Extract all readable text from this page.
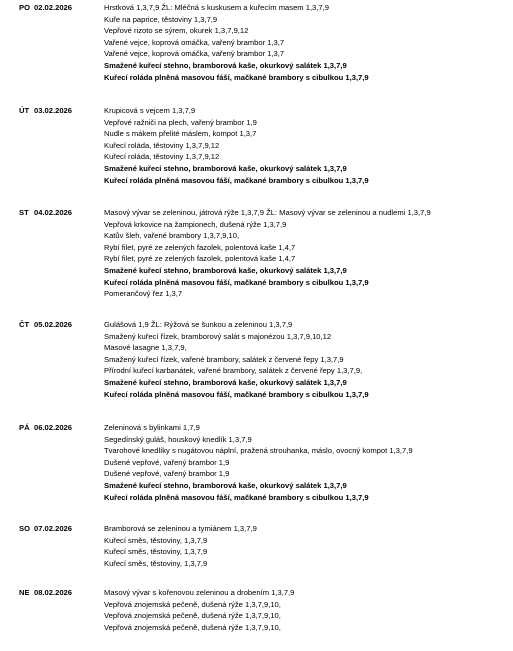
PO 02.02.2026	Hrstková 1,3,7,9 ŽL: Mléčná s kuskusem a kuřecím masem 1,3,7,9
Kuře na paprice, těstoviny 1,3,7,9
Vepřové rizoto se sýrem, okurek 1,3,7,9,12
Vařené vejce, koprová omáčka, vařený brambor 1,3,7
Vařené vejce, koprová omáčka, vařený brambor 1,3,7
Smažené kuřecí stehno, bramborová kaše, okurkový salátek 1,3,7,9
Kuřecí roláda plněná masovou fáší, mačkané brambory s cibulkou 1,3,7,9
ÚT 03.02.2026	Krupicová s vejcem 1,3,7,9
Vepřové ražniči na plech, vařený brambor 1,9
Nudle s mákem přelité máslem, kompot 1,3,7
Kuřecí roláda, těstoviny 1,3,7,9,12
Kuřecí roláda, těstoviny 1,3,7,9,12
Smažené kuřecí stehno, bramborová kaše, okurkový salátek 1,3,7,9
Kuřecí roláda plněná masovou fáší, mačkané brambory s cibulkou 1,3,7,9
ST 04.02.2026	Masový vývar se zeleninou, játrová rýže 1,3,7,9 ŽL: Masový vývar se zeleninou a nudlemi 1,3,7,9
Vepřová krkovice na žampionech, dušená rýže 1,3,7,9
Katův šleh, vařené brambory 1,3,7,9,10,
Rybí filet, pyré ze zelených fazolek, polentová kaše 1,4,7
Rybí filet, pyré ze zelených fazolek, polentová kaše 1,4,7
Smažené kuřecí stehno, bramborová kaše, okurkový salátek 1,3,7,9
Kuřecí roláda plněná masovou fáší, mačkané brambory s cibulkou 1,3,7,9
Pomerančový řez 1,3,7
ČT 05.02.2026	Gulášová 1,9 ŽL: Rýžová se šunkou a zeleninou 1,3,7,9
Smažený kuřecí řízek, bramborový salát s majonézou 1,3,7,9,10,12
Masové lasagne 1,3,7,9,
Smažený kuřecí řízek, vařené brambory, salátek z červené řepy 1,3,7,9
Přírodní kuřecí karbanátek, vařené brambory, salátek z červené řepy 1,3,7,9,
Smažené kuřecí stehno, bramborová kaše, okurkový salátek 1,3,7,9
Kuřecí roláda plněná masovou fáší, mačkané brambory s cibulkou 1,3,7,9
PÁ 06.02.2026	Zeleninová s bylinkami 1,7,9
Segedínský guláš, houskový knedlík 1,3,7,9
Tvarohové knedlíky s nugátovou náplní, pražená strouhanka, máslo, ovocný kompot 1,3,7,9
Dušené vepřové, vařený brambor 1,9
Dušené vepřové, vařený brambor 1,9
Smažené kuřecí stehno, bramborová kaše, okurkový salátek 1,3,7,9
Kuřecí roláda plněná masovou fáší, mačkané brambory s cibulkou 1,3,7,9
SO 07.02.2026	Bramborová se zeleninou a tymiánem 1,3,7,9
Kuřecí směs, těstoviny, 1,3,7,9
Kuřecí směs, těstoviny, 1,3,7,9
Kuřecí směs, těstoviny, 1,3,7,9
NE 08.02.2026	Masový vývar s kořenovou zeleninou a drobením 1,3,7,9
Vepřová znojemská pečeně, dušená rýže 1,3,7,9,10,
Vepřová znojemská pečeně, dušená rýže 1,3,7,9,10,
Vepřová znojemská pečeně, dušená rýže 1,3,7,9,10,
